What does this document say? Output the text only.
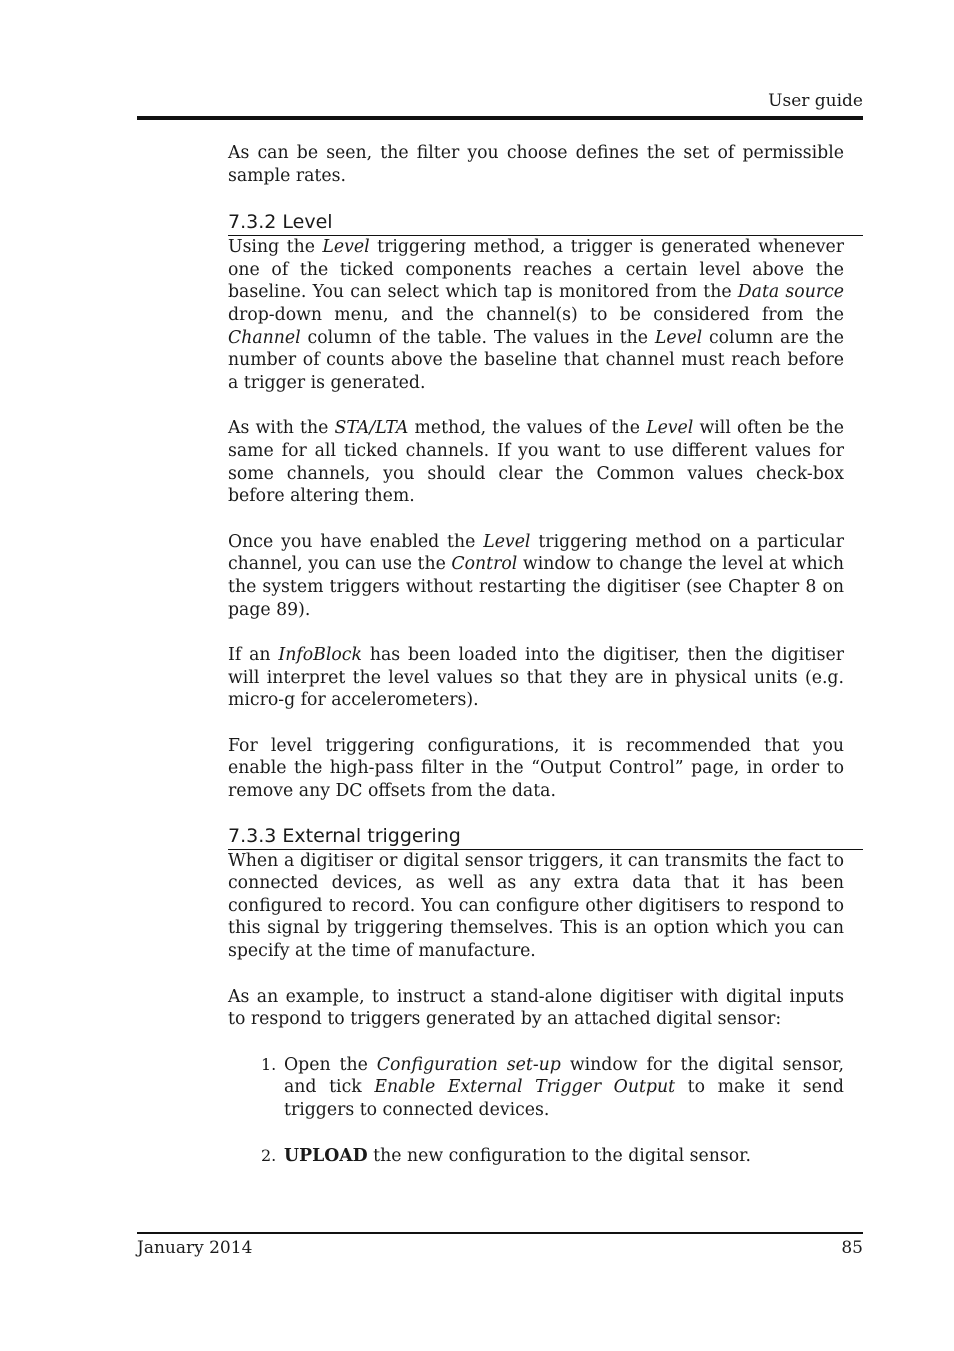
User guide

As can be seen, the filter you choose defines the set of permissible sample rates.

7.3.2 Level

Using the Level triggering method, a trigger is generated whenever one of the ticked components reaches a certain level above the baseline. You can select which tap is monitored from the Data source drop-down menu, and the channel(s) to be considered from the Channel column of the table. The values in the Level column are the number of counts above the baseline that channel must reach before a trigger is generated.

As with the STA/LTA method, the values of the Level will often be the same for all ticked channels. If you want to use different values for some channels, you should clear the Common values check-box before altering them.

Once you have enabled the Level triggering method on a particular channel, you can use the Control window to change the level at which the system triggers without restarting the digitiser (see Chapter 8 on page 89).

If an InfoBlock has been loaded into the digitiser, then the digitiser will interpret the level values so that they are in physical units (e.g. micro-g for accelerometers).

For level triggering configurations, it is recommended that you enable the high-pass filter in the “Output Control” page, in order to remove any DC offsets from the data.

7.3.3 External triggering

When a digitiser or digital sensor triggers, it can transmits the fact to connected devices, as well as any extra data that it has been configured to record. You can configure other digitisers to respond to this signal by triggering themselves. This is an option which you can specify at the time of manufacture.

As an example, to instruct a stand-alone digitiser with digital inputs to respond to triggers generated by an attached digital sensor:

1. Open the Configuration set-up window for the digital sensor, and tick Enable External Trigger Output to make it send triggers to connected devices.
2. UPLOAD the new configuration to the digital sensor.
January 2014	85
